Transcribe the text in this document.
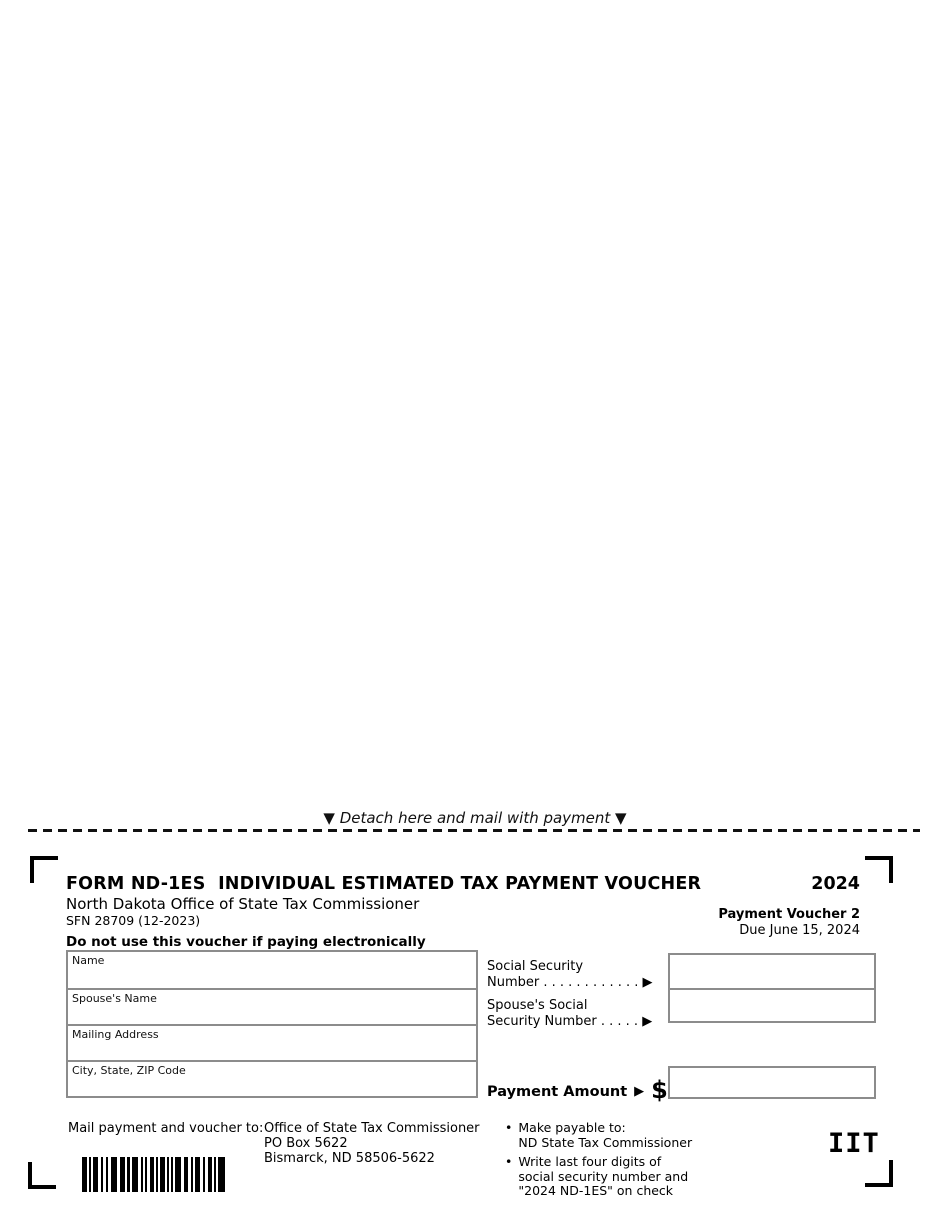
▼ Detach here and mail with payment ▼
FORM ND-1ES  INDIVIDUAL ESTIMATED TAX PAYMENT VOUCHER	2024
North Dakota Office of State Tax Commissioner
SFN 28709 (12-2023)	Payment Voucher 2
Due June 15, 2024
Do not use this voucher if paying electronically
Name
Spouse's Name
Mailing Address
City, State, ZIP Code
Social Security
Number . . . . . . . . . . . . ▶
Spouse's Social
Security Number . . . . . ▶
Payment Amount ▶ $
Mail payment and voucher to: Office of State Tax Commissioner
PO Box 5622
Bismarck, ND 58506-5622
• Make payable to:
ND State Tax Commissioner
• Write last four digits of
social security number and
"2024 ND-1ES" on check
IIT
